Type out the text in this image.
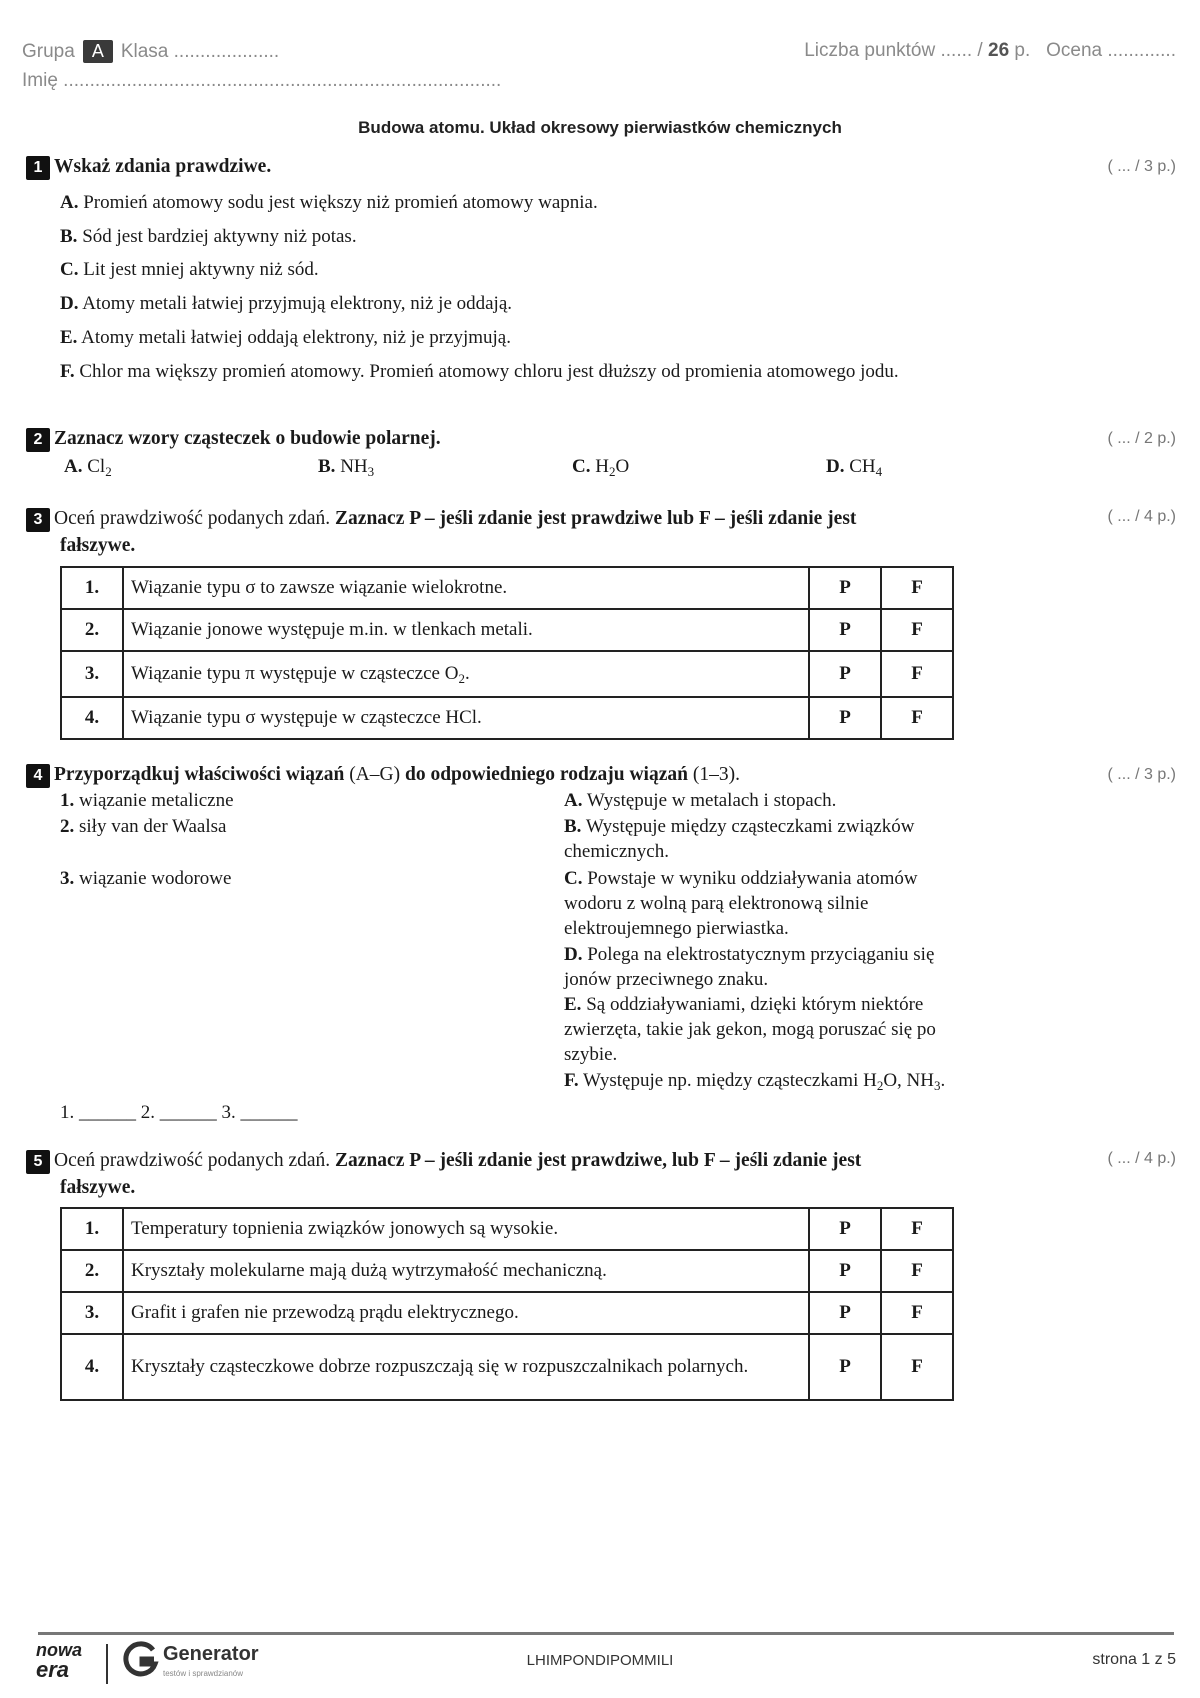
Grupa A Klasa ....................
Imię ...................................................................................
Liczba punktów ...... / 26 p. Ocena .............
Budowa atomu. Układ okresowy pierwiastków chemicznych
1 Wskaż zdania prawdziwe.	( ... / 3 p.)
A. Promień atomowy sodu jest większy niż promień atomowy wapnia.
B. Sód jest bardziej aktywny niż potas.
C. Lit jest mniej aktywny niż sód.
D. Atomy metali łatwiej przyjmują elektrony, niż je oddają.
E. Atomy metali łatwiej oddają elektrony, niż je przyjmują.
F. Chlor ma większy promień atomowy. Promień atomowy chloru jest dłuższy od promienia atomowego jodu.
2 Zaznacz wzory cząsteczek o budowie polarnej.	( ... / 2 p.)
A. $Cl_2$	B. $NH_3$	C. $H_2O$	D. $CH_4$
3 Oceń prawdziwość podanych zdań. Zaznacz P – jeśli zdanie jest prawdziwe lub F – jeśli zdanie jest
fałszywe.
( ... / 4 p.)
1.	Wiązanie typu σ to zawsze wiązanie wielokrotne.	P	F
2.	Wiązanie jonowe występuje m.in. w tlenkach metali.	P	F
3.	Wiązanie typu π występuje w cząsteczce $O_2$.	P	F
4.	Wiązanie typu σ występuje w cząsteczce HCl.	P	F
4 Przyporządkuj właściwości wiązań (A–G) do odpowiedniego rodzaju wiązań (1–3).	( ... / 3 p.)
1. wiązanie metaliczne
2. siły van der Waalsa
3. wiązanie wodorowe
A. Występuje w metalach i stopach.
B. Występuje między cząsteczkami związków
chemicznych.
C. Powstaje w wyniku oddziaływania atomów
wodoru z wolną parą elektronową silnie
elektroujemnego pierwiastka.
D. Polega na elektrostatycznym przyciąganiu się
jonów przeciwnego znaku.
E. Są oddziaływaniami, dzięki którym niektóre
zwierzęta, takie jak gekon, mogą poruszać się po
szybie.
F. Występuje np. między cząsteczkami $H_2O$, $NH_3$.
1. ______ 2. ______ 3. ______
5 Oceń prawdziwość podanych zdań. Zaznacz P – jeśli zdanie jest prawdziwe, lub F – jeśli zdanie jest
fałszywe.
( ... / 4 p.)
1.	Temperatury topnienia związków jonowych są wysokie.	P	F
2.	Kryształy molekularne mają dużą wytrzymałość mechaniczną.	P	F
3.	Grafit i grafen nie przewodzą prądu elektrycznego.	P	F
4.	Kryształy cząsteczkowe dobrze rozpuszczają się w rozpuszczalnikach polarnych.	P	F
nowa
era
Generator
testów i sprawdzianów
LHIMPONDIPOMMILI	strona 1 z 5
